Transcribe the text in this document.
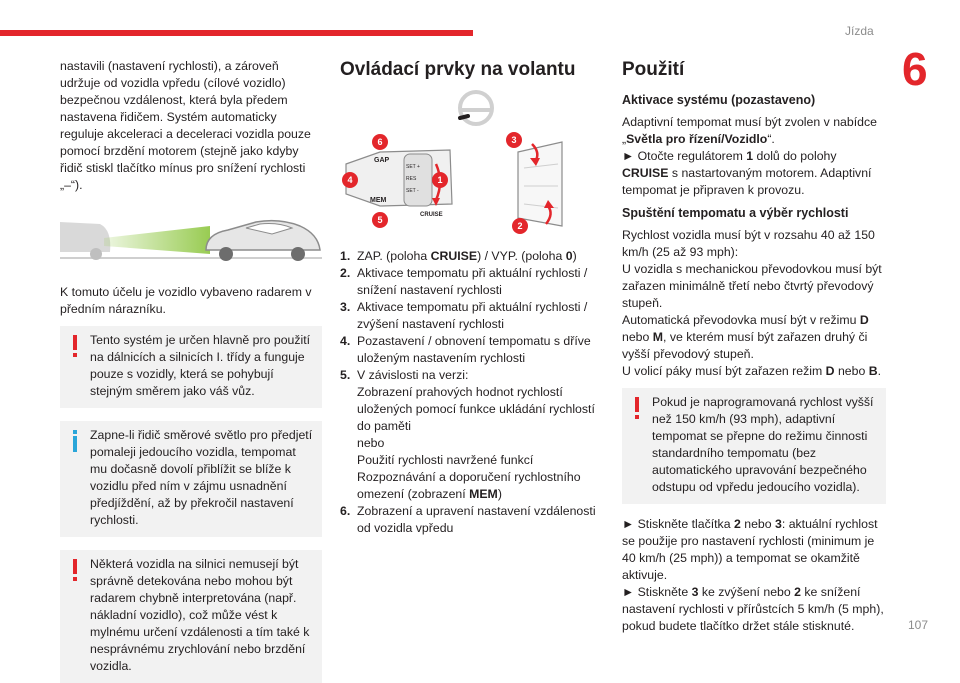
Jízda
6
107

nastavili (nastavení rychlosti), a zároveň udržuje od vozidla vpředu (cílové vozidlo) bezpečnou vzdálenost, která byla předem nastavena řidičem. Systém automaticky reguluje akceleraci a deceleraci vozidla pouze pomocí brzdění motorem (stejně jako kdyby řidič stiskl tlačítko mínus pro snížení rychlosti „–“).

K tomuto účelu je vozidlo vybaveno radarem v předním nárazníku.

Tento systém je určen hlavně pro použití na dálnicích a silnicích I. třídy a funguje pouze s vozidly, která se pohybují stejným směrem jako váš vůz.

Zapne-li řidič směrové světlo pro předjetí pomaleji jedoucího vozidla, tempomat mu dočasně dovolí přiblížit se blíže k vozidlu před ním v zájmu usnadnění předjíždění, až by překročil nastavení rychlosti.

Některá vozidla na silnici nemusejí být správně detekována nebo mohou být radarem chybně interpretována (např. nákladní vozidlo), což může vést k mylnému určení vzdálenosti a tím také k nesprávnému zrychlování nebo brzdění vozidla.

Ovládací prvky na volantu
GAP
MEM
SET +
RES
SET -
CRUISE
6
4
5
1
3
2
1. ZAP. (poloha CRUISE) / VYP. (poloha 0)
2. Aktivace tempomatu při aktuální rychlosti / snížení nastavení rychlosti
3. Aktivace tempomatu při aktuální rychlosti / zvýšení nastavení rychlosti
4. Pozastavení / obnovení tempomatu s dříve uloženým nastavením rychlosti
5. V závislosti na verzi:
Zobrazení prahových hodnot rychlostí uložených pomocí funkce ukládání rychlostí do paměti
nebo
Použití rychlosti navržené funkcí Rozpoznávání a doporučení rychlostního omezení (zobrazení MEM)
6. Zobrazení a upravení nastavení vzdálenosti od vozidla vpředu
Použití
Aktivace systému (pozastaveno)

Adaptivní tempomat musí být zvolen v nabídce „Světla pro řízení/Vozidlo“.

► Otočte regulátorem 1 dolů do polohy CRUISE s nastartovaným motorem. Adaptivní tempomat je připraven k provozu.

Spuštění tempomatu a výběr rychlosti

Rychlost vozidla musí být v rozsahu 40 až 150 km/h (25 až 93 mph):

U vozidla s mechanickou převodovkou musí být zařazen minimálně třetí nebo čtvrtý převodový stupeň.

Automatická převodovka musí být v režimu D nebo M, ve kterém musí být zařazen druhý či vyšší převodový stupeň.

U volicí páky musí být zařazen režim D nebo B.

Pokud je naprogramovaná rychlost vyšší než 150 km/h (93 mph), adaptivní tempomat se přepne do režimu činnosti standardního tempomatu (bez automatického upravování bezpečného odstupu od vpředu jedoucího vozidla).

► Stiskněte tlačítka 2 nebo 3: aktuální rychlost se použije pro nastavení rychlosti (minimum je 40 km/h (25 mph)) a tempomat se okamžitě aktivuje.

► Stiskněte 3 ke zvýšení nebo 2 ke snížení nastavení rychlosti v přírůstcích 5 km/h (5 mph), pokud budete tlačítko držet stále stisknuté.
